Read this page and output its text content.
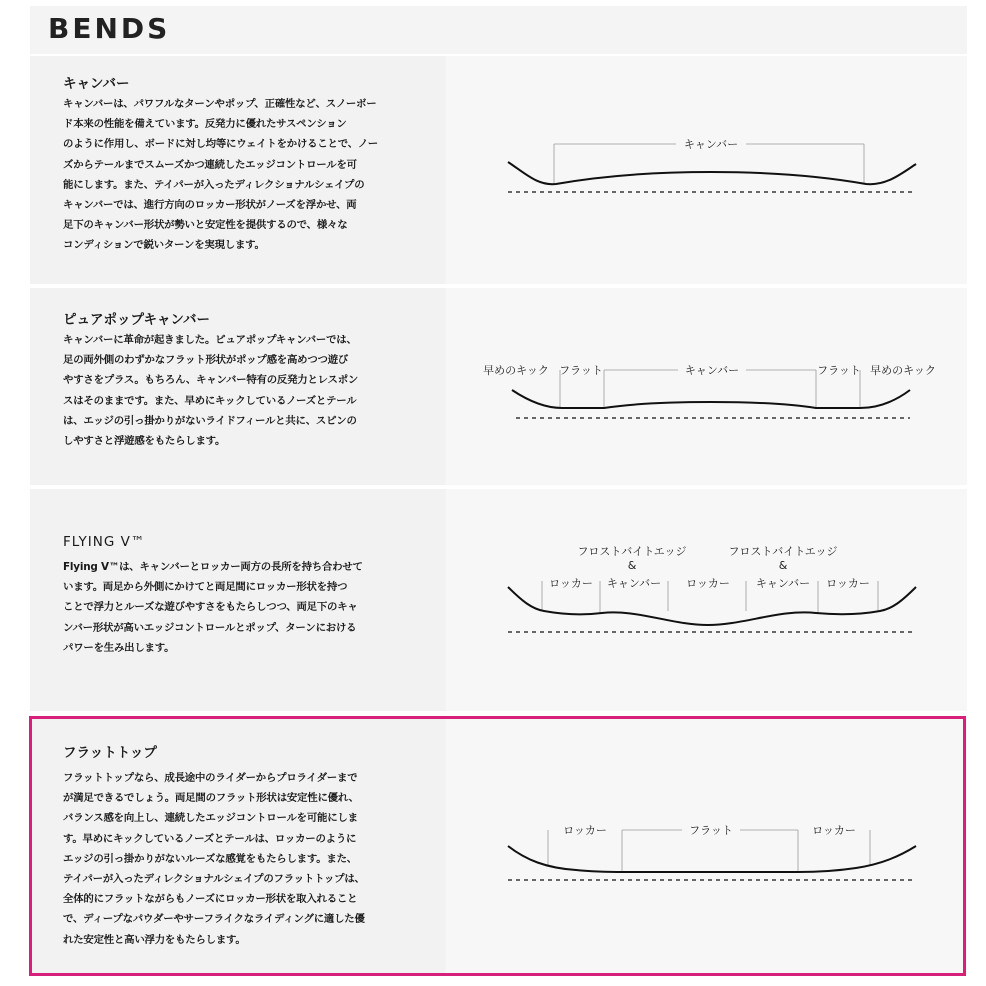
BENDS
キャンバー
キャンバーは、パワフルなターンやポップ、正確性など、スノーボー
ド本来の性能を備えています。反発力に優れたサスペンション
のように作用し、ボードに対し均等にウェイトをかけることで、ノー
ズからテールまでスムーズかつ連続したエッジコントロールを可
能にします。また、テイパーが入ったディレクショナルシェイプの
キャンバーでは、進行方向のロッカー形状がノーズを浮かせ、両
足下のキャンバー形状が勢いと安定性を提供するので、様々な
コンディションで鋭いターンを実現します。
キャンバー
ピュアポップキャンバー
キャンバーに革命が起きました。ピュアポップキャンバーでは、
足の両外側のわずかなフラット形状がポップ感を高めつつ遊び
やすさをプラス。もちろん、キャンバー特有の反発力とレスポン
スはそのままです。また、早めにキックしているノーズとテール
は、エッジの引っ掛かりがないライドフィールと共に、スピンの
しやすさと浮遊感をもたらします。
早めのキック フラット	キャンバー	フラット 早めのキック
FLYING V™
Flying V™は、キャンバーとロッカー両方の長所を持ち合わせて
います。両足から外側にかけてと両足間にロッカー形状を持つ
ことで浮力とルーズな遊びやすさをもたらしつつ、両足下のキャ
ンバー形状が高いエッジコントロールとポップ、ターンにおける
パワーを生み出します。
フロストバイトエッジ
&
フロストバイトエッジ
&
ロッカー キャンバー ロッカー キャンバー ロッカー
フラットトップ
フラットトップなら、成長途中のライダーからプロライダーまで
が満足できるでしょう。両足間のフラット形状は安定性に優れ、
バランス感を向上し、連続したエッジコントロールを可能にしま
す。早めにキックしているノーズとテールは、ロッカーのように
エッジの引っ掛かりがないルーズな感覚をもたらします。また、
テイパーが入ったディレクショナルシェイプのフラットトップは、
全体的にフラットながらもノーズにロッカー形状を取入れること
で、ディープなパウダーやサーフライクなライディングに適した優
れた安定性と高い浮力をもたらします。
ロッカー	フラット	ロッカー
